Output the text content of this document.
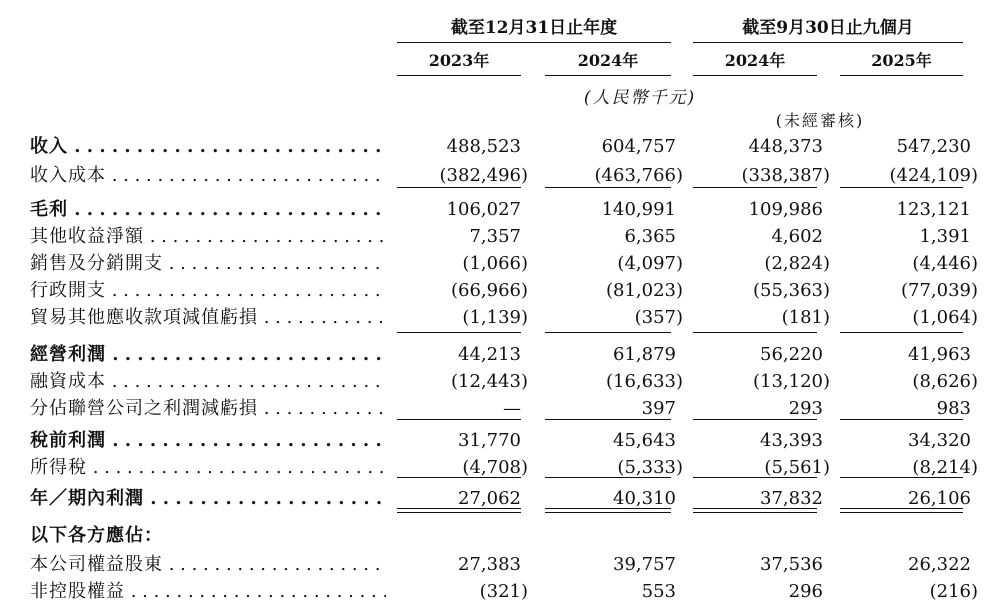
截至12月31日止年度	截至9月30日止九個月
2023年	2024年	2024年	2025年
(人民幣千元)
(未經審核)
收入 . . .	488,523	604,757	448,373	547,230
收入成本 . . .	(382,496)	(463,766)	(338,387)	(424,109)
毛利 . . .	106,027	140,991	109,986	123,121
其他收益淨額 . . .	7,357	6,365	4,602	1,391
銷售及分銷開支 . . .	(1,066)	(4,097)	(2,824)	(4,446)
行政開支 . . .	(66,966)	(81,023)	(55,363)	(77,039)
貿易其他應收款項減值虧損 . . .	(1,139)	(357)	(181)	(1,064)
經營利潤 . . .	44,213	61,879	56,220	41,963
融資成本 . . .	(12,443)	(16,633)	(13,120)	(8,626)
分佔聯營公司之利潤減虧損 . . .	—	397	293	983
稅前利潤 . . .	31,770	45,643	43,393	34,320
所得稅 . . .	(4,708)	(5,333)	(5,561)	(8,214)
年／期內利潤 . . .	27,062	40,310	37,832	26,106
以下各方應佔：
本公司權益股東 . . .	27,383	39,757	37,536	26,322
非控股權益 . . .	(321)	553	296	(216)
